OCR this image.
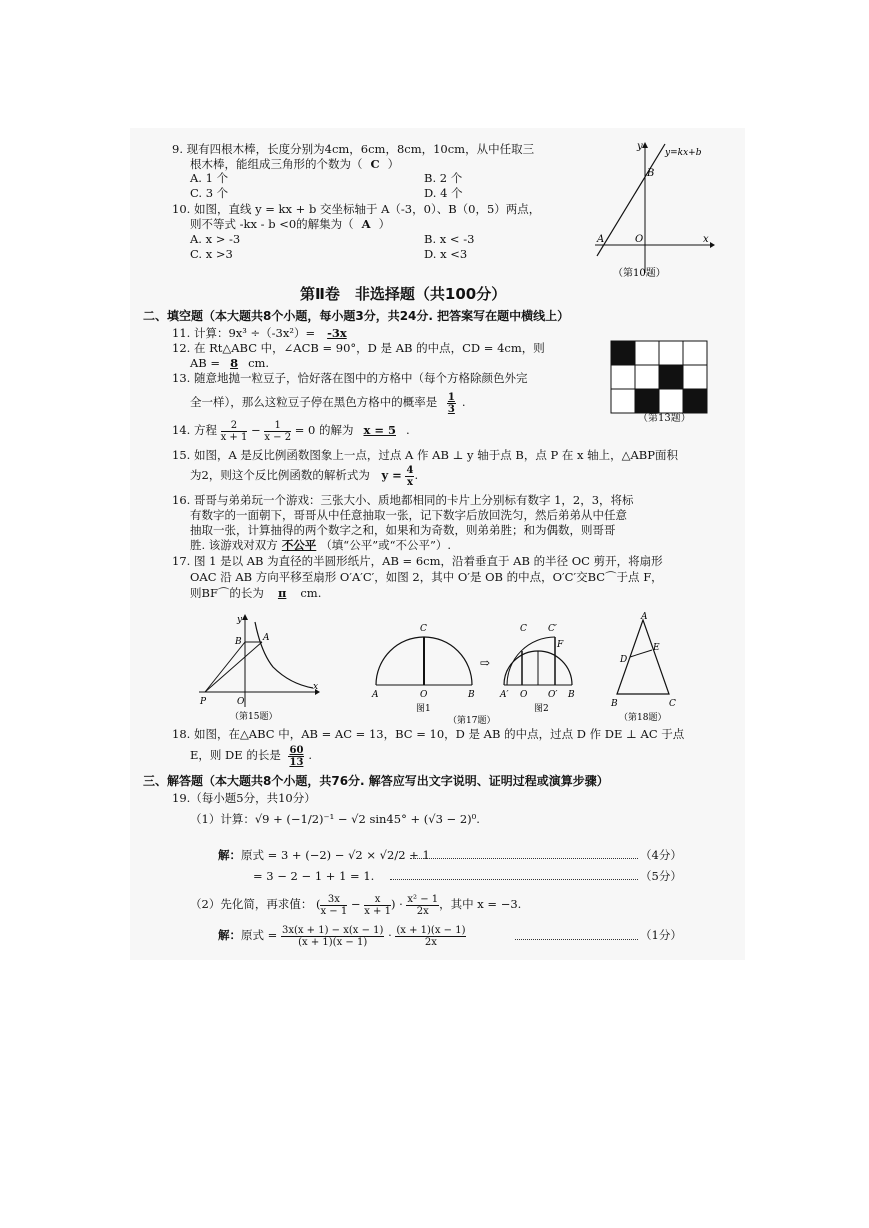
9. 现有四根木棒，长度分别为4cm，6cm，8cm，10cm，从中任取三
根木棒，能组成三角形的个数为（ C ）
A. 1 个	B. 2 个
C. 3 个	D. 4 个
10. 如图，直线 y = kx + b 交坐标轴于 A（-3，0）、B（0，5）两点，
则不等式 -kx - b <0的解集为（ A ）
A. x > -3	B. x < -3
C. x >3	D. x <3
y=kx+b
y
x
A
B
O
（第10题）
第Ⅱ卷　非选择题（共100分）
二、填空题（本大题共8个小题，每小题3分，共24分. 把答案写在题中横线上）
11. 计算：9x³ ÷（-3x²）= -3x
12. 在 Rt△ABC 中，∠ACB = 90°，D 是 AB 的中点，CD = 4cm，则
AB = 8 cm.
（第13题）
13. 随意地抛一粒豆子，恰好落在图中的方格中（每个方格除颜色外完
全一样），那么这粒豆子停在黑色方格中的概率是 $\frac{1}{3}$ .
14. 方程 $\frac{2}{x + 1} - \frac{1}{x - 2} = 0$ 的解为 x = 5 .
15. 如图，A 是反比例函数图象上一点，过点 A 作 AB ⊥ y 轴于点 B，点 P 在 x 轴上，△ABP面积
为2，则这个反比例函数的解析式为 $y = \frac{4}{x}$ .
16. 哥哥与弟弟玩一个游戏：三张大小、质地都相同的卡片上分别标有数字 1，2，3，将标
有数字的一面朝下，哥哥从中任意抽取一张，记下数字后放回洗匀，然后弟弟从中任意
抽取一张，计算抽得的两个数字之和，如果和为奇数，则弟弟胜；和为偶数，则哥哥
胜. 该游戏对双方 不公平 （填“公平”或“不公平”）.
17. 图 1 是以 AB 为直径的半圆形纸片，AB = 6cm，沿着垂直于 AB 的半径 OC 剪开，将扇形
OAC 沿 AB 方向平移至扇形 O′A′C′，如图 2，其中 O′是 OB 的中点，O′C′交BC⌒于点 F，
则BF⌒的长为 π cm.
y
x
B A
P	O
（第15题）
C
A	O	B
图1
⇨
C C′
F
A′ O O′ B
图2
（第17题）
A
D
E
B	C
（第18题）
18. 如图，在△ABC 中，AB = AC = 13，BC = 10，D 是 AB 的中点，过点 D 作 DE ⊥ AC 于点
E，则 DE 的长是 $\frac{60}{13}$ .
三、解答题（本大题共8个小题，共76分. 解答应写出文字说明、证明过程或演算步骤）
19.（每小题5分，共10分）
（1）计算：√9 + (−1/2)⁻¹ − √2 sin45° + (√3 − 2)⁰.
解：原式 = 3 + (−2) − √2 × √2/2 + 1	（4分）
= 3 − 2 − 1 + 1 = 1.	（5分）
（2）先化简，再求值： ( $\frac{3x}{x - 1} - \frac{x}{x + 1}$ ) · $\frac{\text{x² − 1}}{2x}$ ，其中 x = −3.
解：原式 = $\frac{3x(x + 1) - x(x - 1)}{(x + 1)(x - 1)} \cdot \frac{(x + 1)(x - 1)}{2x}$	（1分）
